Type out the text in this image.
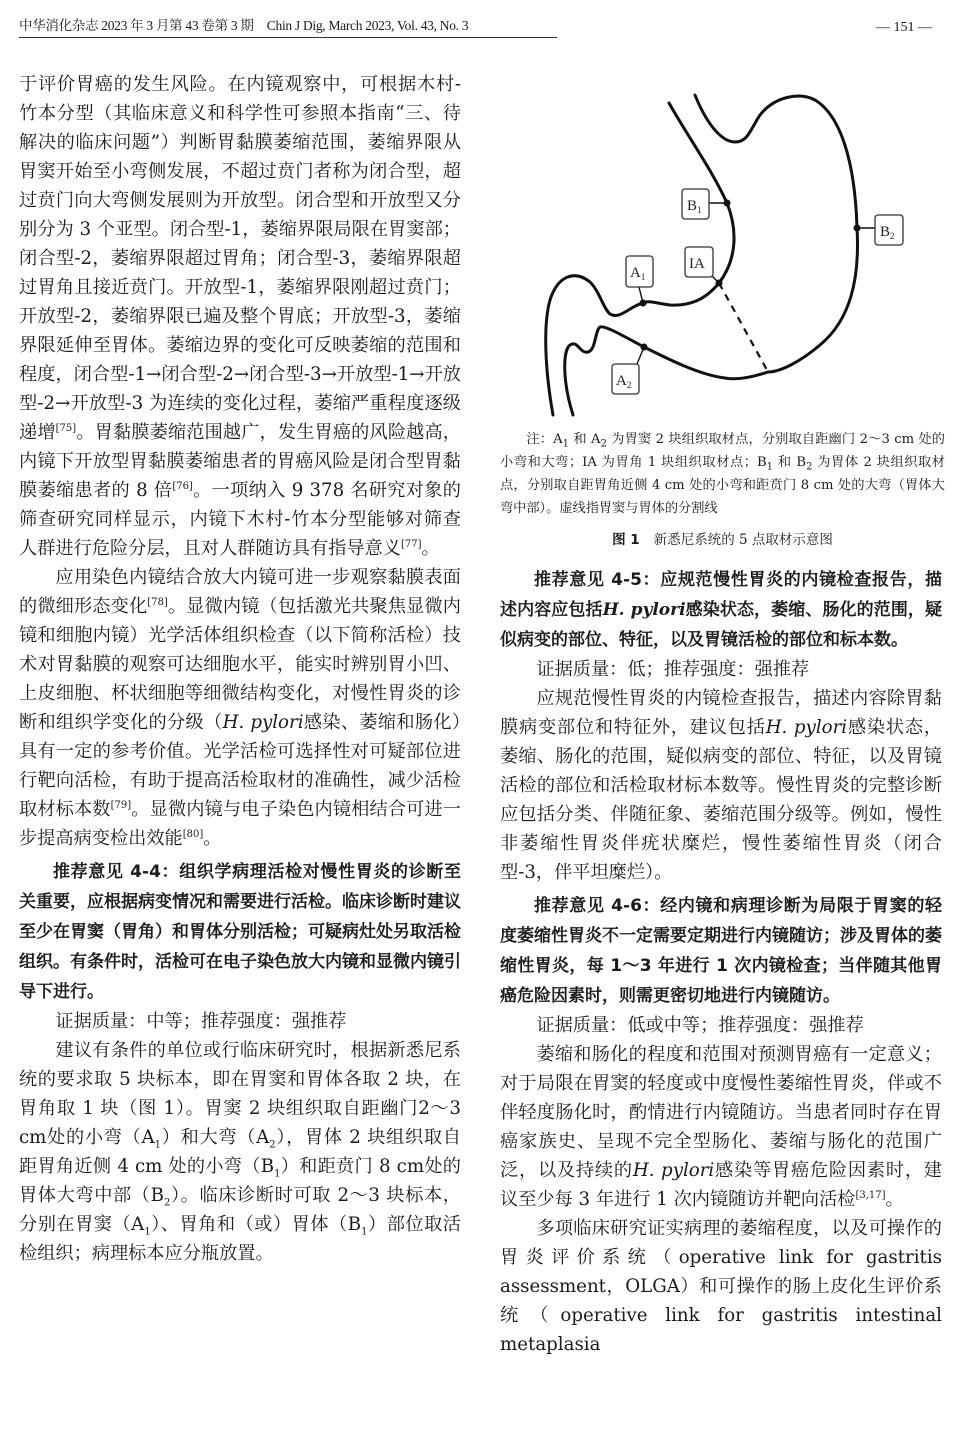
中华消化杂志 2023 年 3 月第 43 卷第 3 期　Chin J Dig, March 2023, Vol. 43, No. 3	— 151 —

于评价胃癌的发生风险。在内镜观察中，可根据木村-竹本分型（其临床意义和科学性可参照本指南“三、待解决的临床问题”）判断胃黏膜萎缩范围，萎缩界限从胃窦开始至小弯侧发展，不超过贲门者称为闭合型，超过贲门向大弯侧发展则为开放型。闭合型和开放型又分别分为 3 个亚型。闭合型-1，萎缩界限局限在胃窦部；闭合型-2，萎缩界限超过胃角；闭合型-3，萎缩界限超过胃角且接近贲门。开放型-1，萎缩界限刚超过贲门；开放型-2，萎缩界限已遍及整个胃底；开放型-3，萎缩界限延伸至胃体。萎缩边界的变化可反映萎缩的范围和程度，闭合型-1→闭合型-2→闭合型-3→开放型-1→开放型-2→开放型-3 为连续的变化过程，萎缩严重程度逐级递增[75]。胃黏膜萎缩范围越广，发生胃癌的风险越高，内镜下开放型胃黏膜萎缩患者的胃癌风险是闭合型胃黏膜萎缩患者的 8 倍[76]。一项纳入 9 378 名研究对象的筛查研究同样显示，内镜下木村-竹本分型能够对筛查人群进行危险分层，且对人群随访具有指导意义[77]。

应用染色内镜结合放大内镜可进一步观察黏膜表面的微细形态变化[78]。显微内镜（包括激光共聚焦显微内镜和细胞内镜）光学活体组织检查（以下简称活检）技术对胃黏膜的观察可达细胞水平，能实时辨别胃小凹、上皮细胞、杯状细胞等细微结构变化，对慢性胃炎的诊断和组织学变化的分级（H. pylori感染、萎缩和肠化）具有一定的参考价值。光学活检可选择性对可疑部位进行靶向活检，有助于提高活检取材的准确性，减少活检取材标本数[79]。显微内镜与电子染色内镜相结合可进一步提高病变检出效能[80]。

推荐意见 4-4：组织学病理活检对慢性胃炎的诊断至关重要，应根据病变情况和需要进行活检。临床诊断时建议至少在胃窦（胃角）和胃体分别活检；可疑病灶处另取活检组织。有条件时，活检可在电子染色放大内镜和显微内镜引导下进行。

证据质量：中等；推荐强度：强推荐

建议有条件的单位或行临床研究时，根据新悉尼系统的要求取 5 块标本，即在胃窦和胃体各取 2 块，在胃角取 1 块（图 1）。胃窦 2 块组织取自距幽门2～3 cm处的小弯$(A_1)$和大弯$(A_2)$，胃体 2 块组织取自距胃角近侧 4 cm 处的小弯$(B_1)$和距贲门 8 cm处的胃体大弯中部$(B_2)$。临床诊断时可取 2～3 块标本，分别在胃窦$(A_1)$、胃角和（或）胃体$(B_1)$部位取活检组织；病理标本应分瓶放置。

$B_1$
$B_2$
IA
$A_1$
$A_2$
注：$A_1$ 和 $A_2$ 为胃窦 2 块组织取材点，分别取自距幽门 2～3 cm 处的小弯和大弯；IA 为胃角 1 块组织取材点；$B_1$ 和 $B_2$ 为胃体 2 块组织取材点，分别取自距胃角近侧 4 cm 处的小弯和距贲门 8 cm 处的大弯（胃体大弯中部）。虚线指胃窦与胃体的分割线
图 1 新悉尼系统的 5 点取材示意图

推荐意见 4-5：应规范慢性胃炎的内镜检查报告，描述内容应包括H. pylori感染状态，萎缩、肠化的范围，疑似病变的部位、特征，以及胃镜活检的部位和标本数。

证据质量：低；推荐强度：强推荐

应规范慢性胃炎的内镜检查报告，描述内容除胃黏膜病变部位和特征外，建议包括H. pylori感染状态，萎缩、肠化的范围，疑似病变的部位、特征，以及胃镜活检的部位和活检取材标本数等。慢性胃炎的完整诊断应包括分类、伴随征象、萎缩范围分级等。例如，慢性非萎缩性胃炎伴疣状糜烂，慢性萎缩性胃炎（闭合型-3，伴平坦糜烂）。

推荐意见 4-6：经内镜和病理诊断为局限于胃窦的轻度萎缩性胃炎不一定需要定期进行内镜随访；涉及胃体的萎缩性胃炎，每 1～3 年进行 1 次内镜检查；当伴随其他胃癌危险因素时，则需更密切地进行内镜随访。

证据质量：低或中等；推荐强度：强推荐

萎缩和肠化的程度和范围对预测胃癌有一定意义；对于局限在胃窦的轻度或中度慢性萎缩性胃炎，伴或不伴轻度肠化时，酌情进行内镜随访。当患者同时存在胃癌家族史、呈现不完全型肠化、萎缩与肠化的范围广泛，以及持续的H. pylori感染等胃癌危险因素时，建议至少每 3 年进行 1 次内镜随访并靶向活检[3,17]。

多项临床研究证实病理的萎缩程度，以及可操作的胃炎评价系统（operative link for gastritis assessment，OLGA）和可操作的肠上皮化生评价系统（operative link for gastritis intestinal metaplasia
